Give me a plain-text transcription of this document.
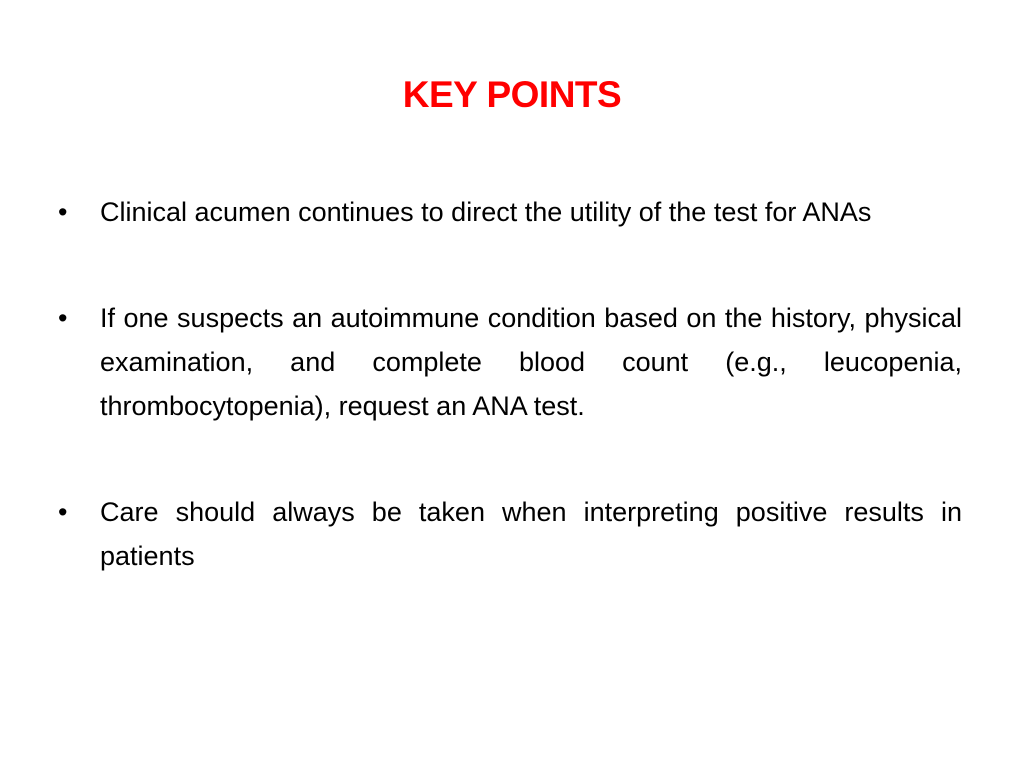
KEY POINTS
•	Clinical acumen continues to direct the utility of the test for ANAs
•	If one suspects an autoimmune condition based on the history, physical examination, and complete blood count (e.g., leucopenia, thrombocytopenia), request an ANA test.
•	Care should always be taken when interpreting positive results in patients
